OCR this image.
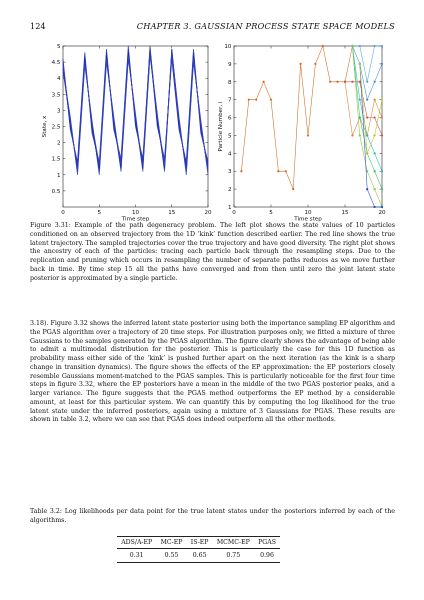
124	CHAPTER 3. GAUSSIAN PROCESS STATE SPACE MODELS
0	5	10	15	20
0.5
1
1.5
2
2.5
3
3.5
4
4.5
5
Time step
State, x
0	5	10	15	20
1
2
3
4
5
6
7
8
9
10
Time step
Particle Number, i
Figure 3.31: Example of the path degeneracy problem. The left plot shows the state values of 10 particles conditioned on an observed trajectory from the 1D ‘kink’ function described earlier. The red line shows the true latent trajectory. The sampled trajectories cover the true trajectory and have good diversity. The right plot shows the ancestry of each of the particles: tracing each particle back through the resampling steps. Due to the replication and pruning which occurs in resampling the number of separate paths reduces as we move further back in time. By time step 15 all the paths have converged and from then until zero the joint latent state posterior is approximated by a single particle.
3.18). Figure 3.32 shows the inferred latent state posterior using both the importance sampling EP algorithm and the PGAS algorithm over a trajectory of 20 time steps. For illustration purposes only, we fitted a mixture of three Gaussians to the samples generated by the PGAS algorithm. The figure clearly shows the advantage of being able to admit a multimodal distribution for the posterior. This is particularly the case for this 1D function as probability mass either side of the ‘kink’ is pushed further apart on the next iteration (as the kink is a sharp change in transition dynamics). The figure shows the effects of the EP approximation: the EP posteriors closely resemble Gaussians moment-matched to the PGAS samples. This is particularly noticeable for the first four time steps in figure 3.32, where the EP posteriors have a mean in the middle of the two PGAS posterior peaks, and a larger variance. The figure suggests that the PGAS method outperforms the EP method by a considerable amount, at least for this particular system. We can quantify this by computing the log likelihood for the true latent state under the inferred posteriors, again using a mixture of 3 Gaussians for PGAS. These results are shown in table 3.2, where we can see that PGAS does indeed outperform all the other methods.
Table 3.2: Log likelihoods per data point for the true latent states under the posteriors inferred by each of the algorithms.
ADS/A-EP	MC-EP	IS-EP	MCMC-EP	PGAS
0.31	0.55	0.65	0.75	0.96
